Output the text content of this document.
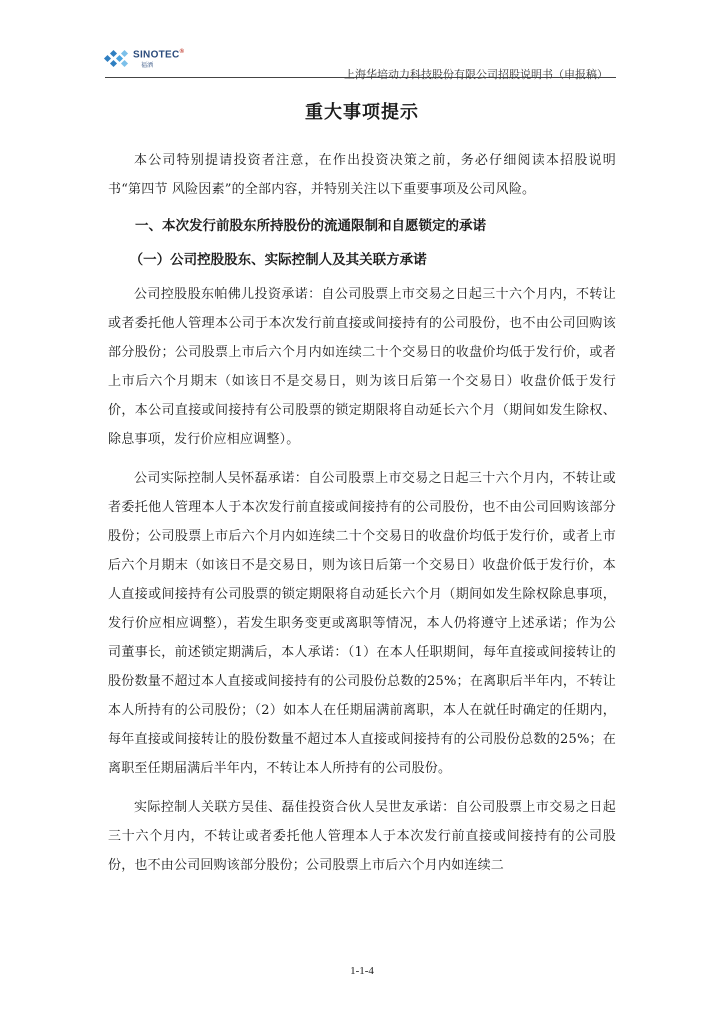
SINOTEC®
福洒
上海华培动力科技股份有限公司招股说明书（申报稿）
重大事项提示

本公司特别提请投资者注意，在作出投资决策之前，务必仔细阅读本招股说明书“第四节 风险因素”的全部内容，并特别关注以下重要事项及公司风险。

一、本次发行前股东所持股份的流通限制和自愿锁定的承诺
（一）公司控股股东、实际控制人及其关联方承诺

公司控股股东帕佛儿投资承诺：自公司股票上市交易之日起三十六个月内，不转让或者委托他人管理本公司于本次发行前直接或间接持有的公司股份，也不由公司回购该部分股份；公司股票上市后六个月内如连续二十个交易日的收盘价均低于发行价，或者上市后六个月期末（如该日不是交易日，则为该日后第一个交易日）收盘价低于发行价，本公司直接或间接持有公司股票的锁定期限将自动延长六个月（期间如发生除权、除息事项，发行价应相应调整）。

公司实际控制人吴怀磊承诺：自公司股票上市交易之日起三十六个月内，不转让或者委托他人管理本人于本次发行前直接或间接持有的公司股份，也不由公司回购该部分股份；公司股票上市后六个月内如连续二十个交易日的收盘价均低于发行价，或者上市后六个月期末（如该日不是交易日，则为该日后第一个交易日）收盘价低于发行价，本人直接或间接持有公司股票的锁定期限将自动延长六个月（期间如发生除权除息事项，发行价应相应调整），若发生职务变更或离职等情况，本人仍将遵守上述承诺；作为公司董事长，前述锁定期满后，本人承诺：（1）在本人任职期间，每年直接或间接转让的股份数量不超过本人直接或间接持有的公司股份总数的25%；在离职后半年内，不转让本人所持有的公司股份；（2）如本人在任期届满前离职，本人在就任时确定的任期内，每年直接或间接转让的股份数量不超过本人直接或间接持有的公司股份总数的25%；在离职至任期届满后半年内，不转让本人所持有的公司股份。

实际控制人关联方吴佳、磊佳投资合伙人吴世友承诺：自公司股票上市交易之日起三十六个月内，不转让或者委托他人管理本人于本次发行前直接或间接持有的公司股份，也不由公司回购该部分股份；公司股票上市后六个月内如连续二

1-1-4
